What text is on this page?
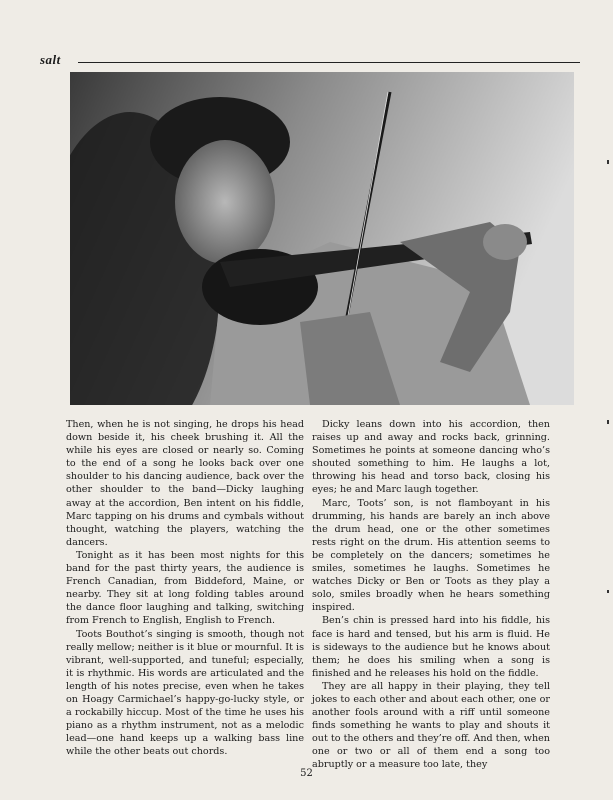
salt

Then, when he is not singing, he drops his head down beside it, his cheek brushing it. All the while his eyes are closed or nearly so. Coming to the end of a song he looks back over one shoulder to his dancing audience, back over the other shoulder to the band—Dicky laughing away at the accordion, Ben intent on his fiddle, Marc tapping on his drums and cymbals without thought, watching the players, watching the dancers.

Tonight as it has been most nights for this band for the past thirty years, the audience is French Canadian, from Biddeford, Maine, or nearby. They sit at long folding tables around the dance floor laughing and talking, switching from French to English, English to French.

Toots Bouthot’s singing is smooth, though not really mellow; neither is it blue or mournful. It is vibrant, well-supported, and tuneful; especially, it is rhythmic. His words are articulated and the length of his notes precise, even when he takes on Hoagy Carmichael’s happy-go-lucky style, or a rockabilly hiccup. Most of the time he uses his piano as a rhythm instrument, not as a melodic lead—one hand keeps up a walking bass line while the other beats out chords.

Dicky leans down into his accordion, then raises up and away and rocks back, grinning. Sometimes he points at someone dancing who’s shouted something to him. He laughs a lot, throwing his head and torso back, closing his eyes; he and Marc laugh together.

Marc, Toots’ son, is not flamboyant in his drumming, his hands are barely an inch above the drum head, one or the other sometimes rests right on the drum. His attention seems to be completely on the dancers; sometimes he smiles, sometimes he laughs. Sometimes he watches Dicky or Ben or Toots as they play a solo, smiles broadly when he hears something inspired.

Ben’s chin is pressed hard into his fiddle, his face is hard and tensed, but his arm is fluid. He is sideways to the audience but he knows about them; he does his smiling when a song is finished and he releases his hold on the fiddle.

They are all happy in their playing, they tell jokes to each other and about each other, one or another fools around with a riff until someone finds something he wants to play and shouts it out to the others and they’re off. And then, when one or two or all of them end a song too abruptly or a measure too late, they

52
